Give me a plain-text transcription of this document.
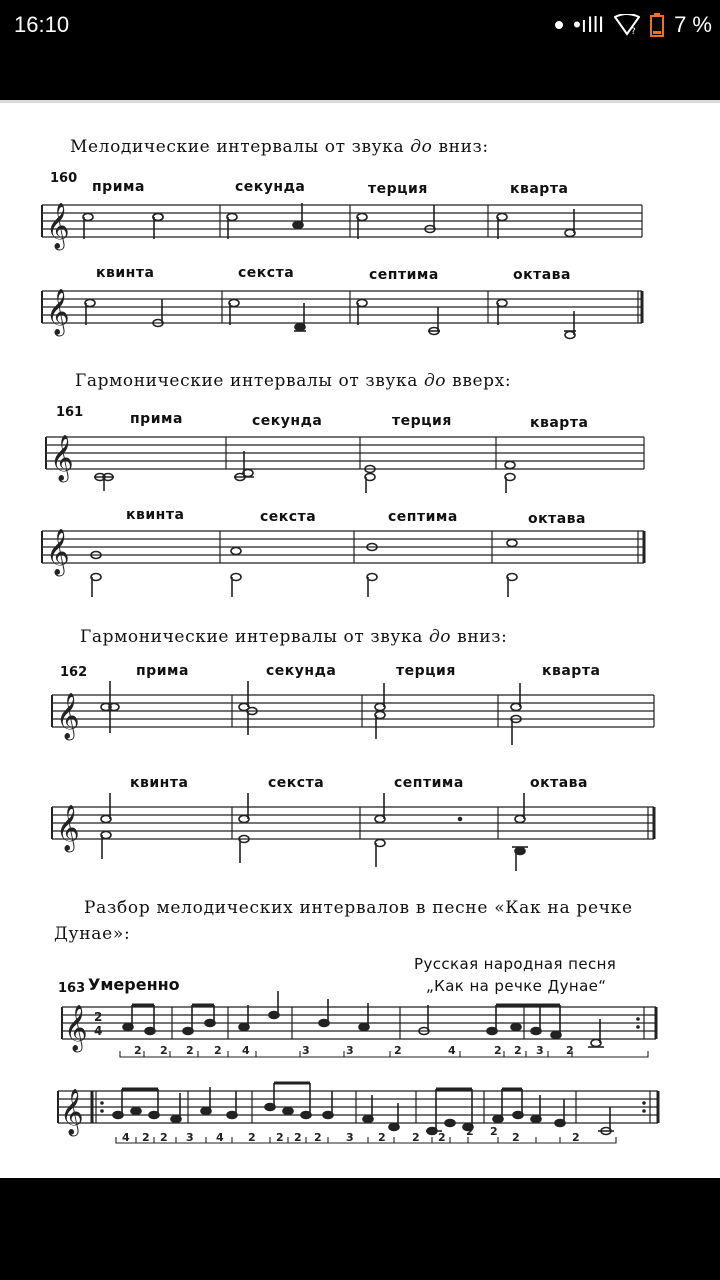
16:10	•ıIlI	? 7 %
Мелодические интервалы от звука до вниз:
160
прима	секунда	терция	кварта
квинта	секста	септима	октава
𝄞
𝄞
Гармонические интервалы от звука до вверх:
161	прима	секунда	терция	кварта
квинта	секста	септима	октава
𝄞
𝄞
Гармонические интервалы от звука до вниз:
162	прима	секунда	терция	кварта
квинта	секста	септима	октава
𝄞
𝄞
Разбор мелодических интервалов в песне «Как на речке
Дунае»:
Русская народная песня
„Как на речке Дунае“
163 Умеренно
𝄞 2
4
2 2 2 2 4	3	3	2	4	2 2 3 2
𝄞
4 2 2 3 4 2 2 2 2 3 2 2 2 2 2 2	2
